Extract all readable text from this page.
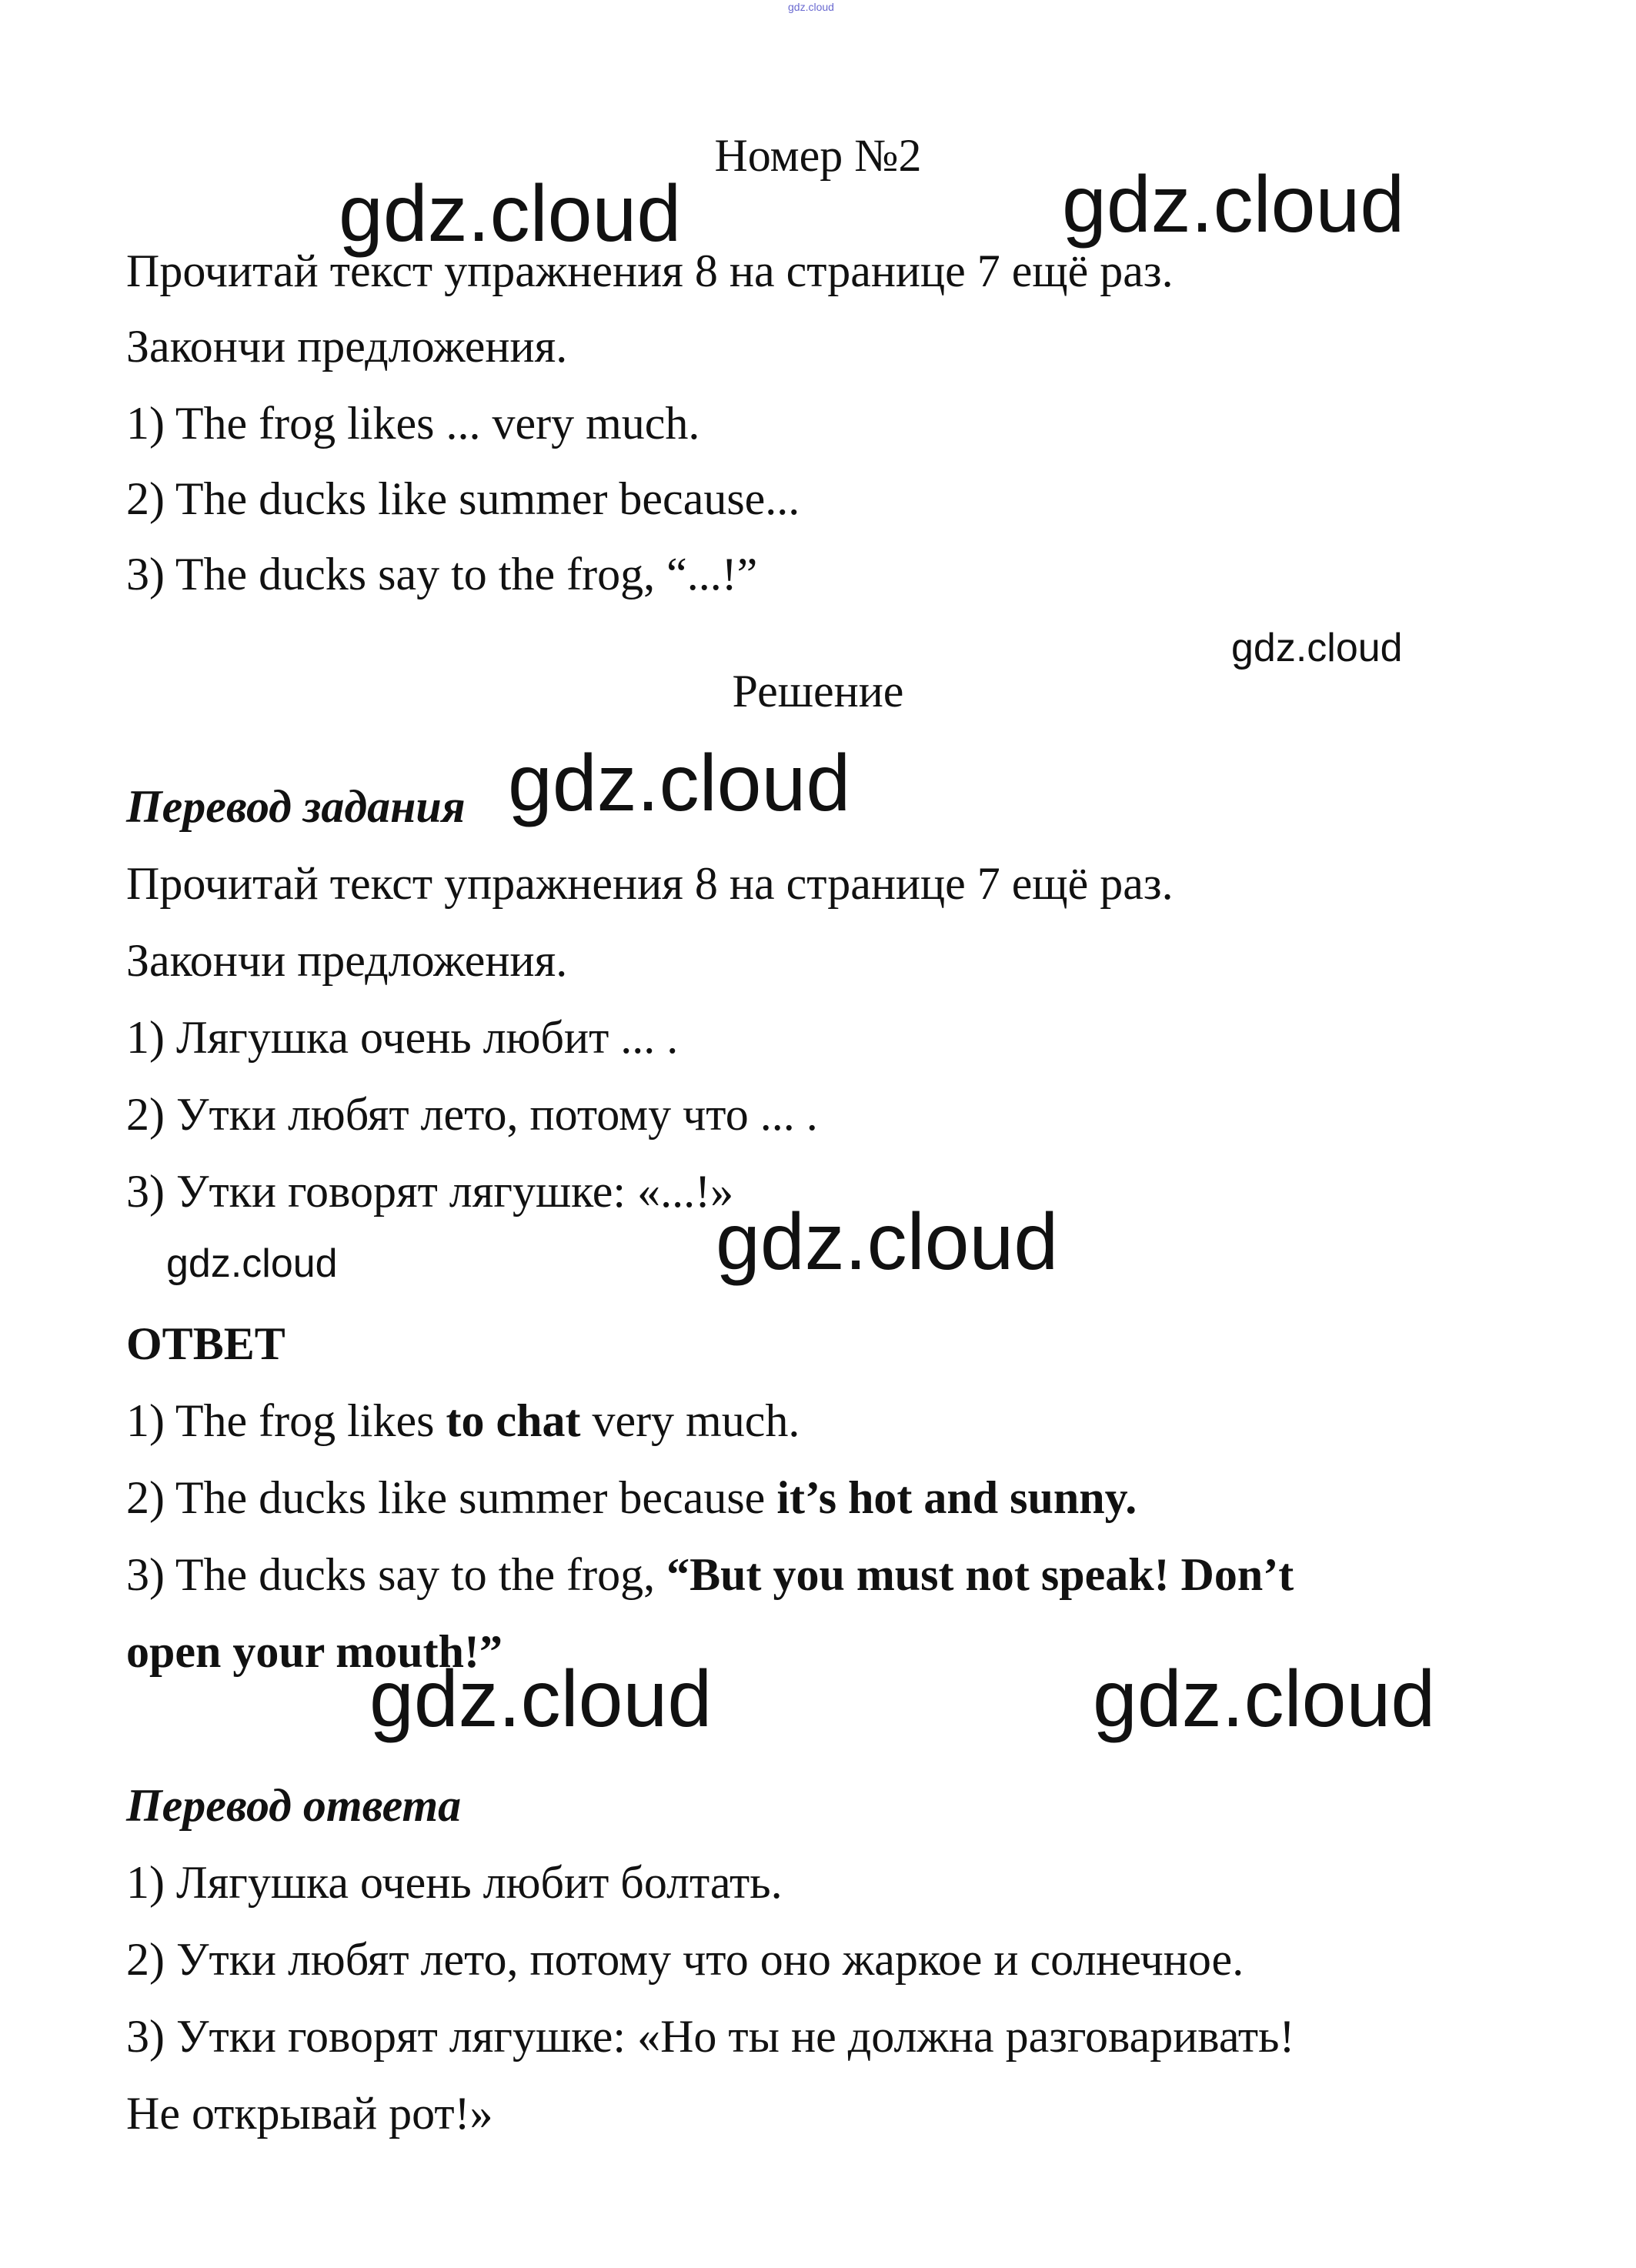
gdz.cloud
Номер №2
gdz.cloud	gdz.cloud
Прочитай текст упражнения 8 на странице 7 ещё раз.
Закончи предложения.
1) The frog likes ... very much.
2) The ducks like summer because...
3) The ducks say to the frog, “...!”
gdz.cloud
Решение
Перевод задания gdz.cloud
Прочитай текст упражнения 8 на странице 7 ещё раз.
Закончи предложения.
1) Лягушка очень любит ... .
2) Утки любят лето, потому что ... .
3) Утки говорят лягушке: «...!»
gdz.cloud
gdz.cloud
ОТВЕТ
1) The frog likes to chat very much.
2) The ducks like summer because it’s hot and sunny.
3) The ducks say to the frog, “But you must not speak! Don’t
open your mouth!”
gdz.cloud	gdz.cloud
Перевод ответа
1) Лягушка очень любит болтать.
2) Утки любят лето, потому что оно жаркое и солнечное.
3) Утки говорят лягушке: «Но ты не должна разговаривать!
Не открывай рот!»
